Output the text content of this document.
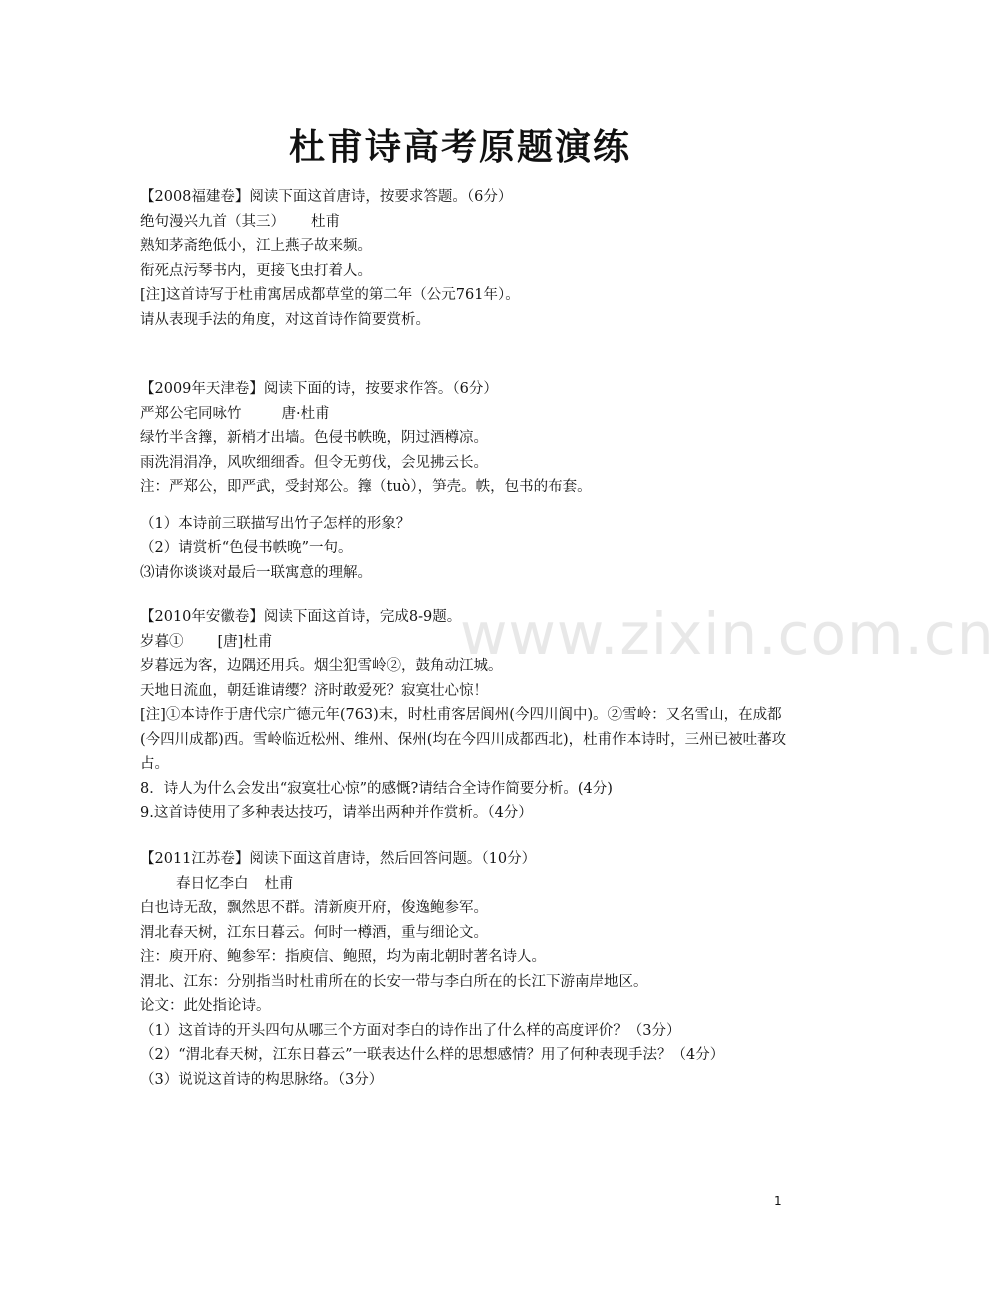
杜甫诗高考原题演练
www.zixin.com.cn
【2008福建卷】阅读下面这首唐诗，按要求答题。（6分）
绝句漫兴九首（其三） 杜甫
熟知茅斋绝低小，江上燕子故来频。
衔死点污琴书内，更接飞虫打着人。
[注]这首诗写于杜甫寓居成都草堂的第二年（公元761年）。
请从表现手法的角度，对这首诗作简要赏析。
【2009年天津卷】阅读下面的诗，按要求作答。（6分）
严郑公宅同咏竹	唐·杜甫
绿竹半含籜，新梢才出墙。色侵书帙晚，阴过酒樽凉。
雨洗涓涓净，风吹细细香。但令无剪伐，会见拂云长。
注：严郑公，即严武，受封郑公。籜（tuò），笋壳。帙，包书的布套。
（1）本诗前三联描写出竹子怎样的形象？
（2）请赏析“色侵书帙晚”一句。
⑶请你谈谈对最后一联寓意的理解。
【2010年安徽卷】阅读下面这首诗，完成8-9题。
岁暮① [唐]杜甫
岁暮远为客，边隅还用兵。烟尘犯雪岭②，鼓角动江城。
天地日流血，朝廷谁请缨？济时敢爱死？寂寞壮心惊！
[注]①本诗作于唐代宗广德元年(763)末，时杜甫客居阆州(今四川阆中)。②雪岭：又名雪山，在成都(今四川成都)西。雪岭临近松州、维州、保州(均在今四川成都西北)，杜甫作本诗时，三州已被吐蕃攻占。
8．诗人为什么会发出“寂寞壮心惊”的感慨?请结合全诗作简要分析。(4分)
9.这首诗使用了多种表达技巧，请举出两种并作赏析。（4分）
【2011江苏卷】阅读下面这首唐诗，然后回答问题。（10分）
春日忆李白 杜甫
白也诗无敌，飘然思不群。清新庾开府，俊逸鲍参军。
渭北春天树，江东日暮云。何时一樽酒，重与细论文。
注：庾开府、鲍参军：指庾信、鲍照，均为南北朝时著名诗人。
渭北、江东：分别指当时杜甫所在的长安一带与李白所在的长江下游南岸地区。
论文：此处指论诗。
（1）这首诗的开头四句从哪三个方面对李白的诗作出了什么样的高度评价？（3分）
（2）“渭北春天树，江东日暮云”一联表达什么样的思想感情？用了何种表现手法？（4分）
（3）说说这首诗的构思脉络。（3分）
1
